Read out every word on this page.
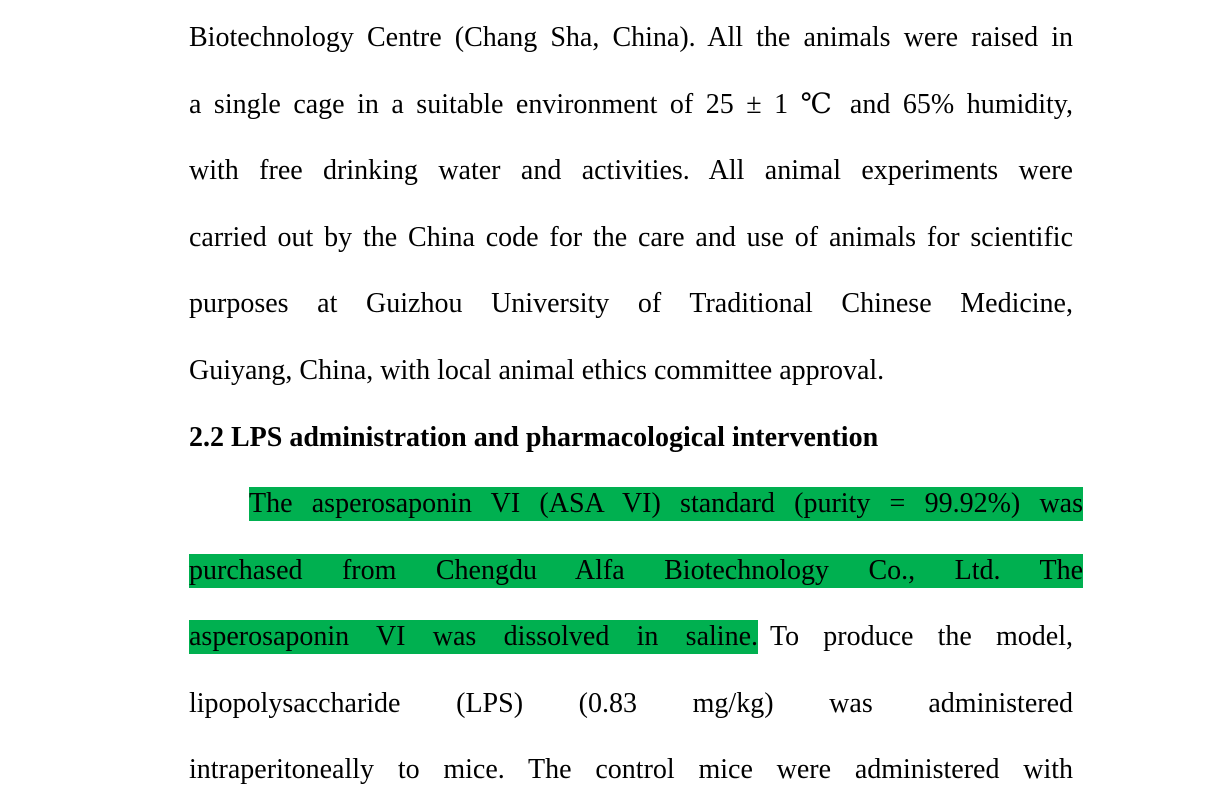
Biotechnology Centre (Chang Sha, China). All the animals were raised in
a single cage in a suitable environment of 25 ± 1 ℃ and 65% humidity,
with free drinking water and activities. All animal experiments were
carried out by the China code for the care and use of animals for scientific
purposes at Guizhou University of Traditional Chinese Medicine,
Guiyang, China, with local animal ethics committee approval.
2.2 LPS administration and pharmacological intervention
The asperosaponin VI (ASA VI) standard (purity = 99.92%) was
purchased from Chengdu Alfa Biotechnology Co., Ltd. The
asperosaponin VI was dissolved in saline. To produce the model,
lipopolysaccharide (LPS) (0.83 mg/kg) was administered
intraperitoneally to mice. The control mice were administered with
